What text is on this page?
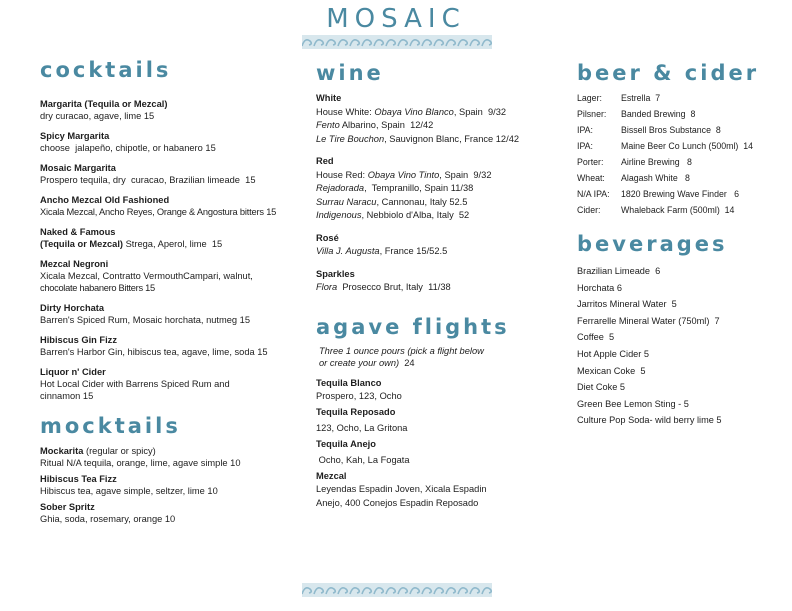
MOSAIC
cocktails
Margarita (Tequila or Mezcal)
dry curacao, agave, lime 15
Spicy Margarita
choose  jalapeño, chipotle, or habanero 15
Mosaic Margarita
Prospero tequila, dry  curacao, Brazilian limeade  15
Ancho Mezcal Old Fashioned
Xicala Mezcal, Ancho Reyes, Orange & Angostura bitters 15
Naked & Famous
(Tequila or Mezcal) Strega, Aperol, lime  15
Mezcal Negroni
Xicala Mezcal, Contratto VermouthCampari, walnut,
chocolate habanero Bitters 15
Dirty Horchata
Barren's Spiced Rum, Mosaic horchata, nutmeg 15
Hibiscus Gin Fizz
Barren's Harbor Gin, hibiscus tea, agave, lime, soda 15
Liquor n' Cider
Hot Local Cider with Barrens Spiced Rum and
cinnamon 15
mocktails
Mockarita (regular or spicy)
Ritual N/A tequila, orange, lime, agave simple 10
Hibiscus Tea Fizz
Hibiscus tea, agave simple, seltzer, lime 10
Sober Spritz
Ghia, soda, rosemary, orange 10
wine
White
House White: Obaya Vino Blanco, Spain  9/32
Fento Albarino, Spain  12/42
Le Tire Bouchon, Sauvignon Blanc, France 12/42
Red
House Red: Obaya Vino Tinto, Spain  9/32
Rejadorada,  Tempranillo, Spain 11/38
Surrau Naracu, Cannonau, Italy 52.5
Indigenous, Nebbiolo d'Alba, Italy  52
Rosé
Villa J. Augusta, France 15/52.5
Sparkles
Flora  Prosecco Brut, Italy  11/38
agave flights
Three 1 ounce pours (pick a flight below
or create your own)  24
Tequila Blanco
Prospero, 123, Ocho
Tequila Reposado
123, Ocho, La Gritona
Tequila Anejo
Ocho, Kah, La Fogata
Mezcal
Leyendas Espadin Joven, Xicala Espadin
Anejo, 400 Conejos Espadin Reposado
beer & cider
Lager:	Estrella  7
Pilsner:	Banded Brewing  8
IPA:	Bissell Bros Substance  8
IPA:	Maine Beer Co Lunch (500ml)  14
Porter:	Airline Brewing   8
Wheat:	Alagash White   8
N/A IPA:	1820 Brewing Wave Finder   6
Cider:	Whaleback Farm (500ml)  14
beverages
Brazilian Limeade  6
Horchata 6
Jarritos Mineral Water  5
Ferrarelle Mineral Water (750ml)  7
Coffee  5
Hot Apple Cider 5
Mexican Coke  5
Diet Coke 5
Green Bee Lemon Sting - 5
Culture Pop Soda- wild berry lime 5
